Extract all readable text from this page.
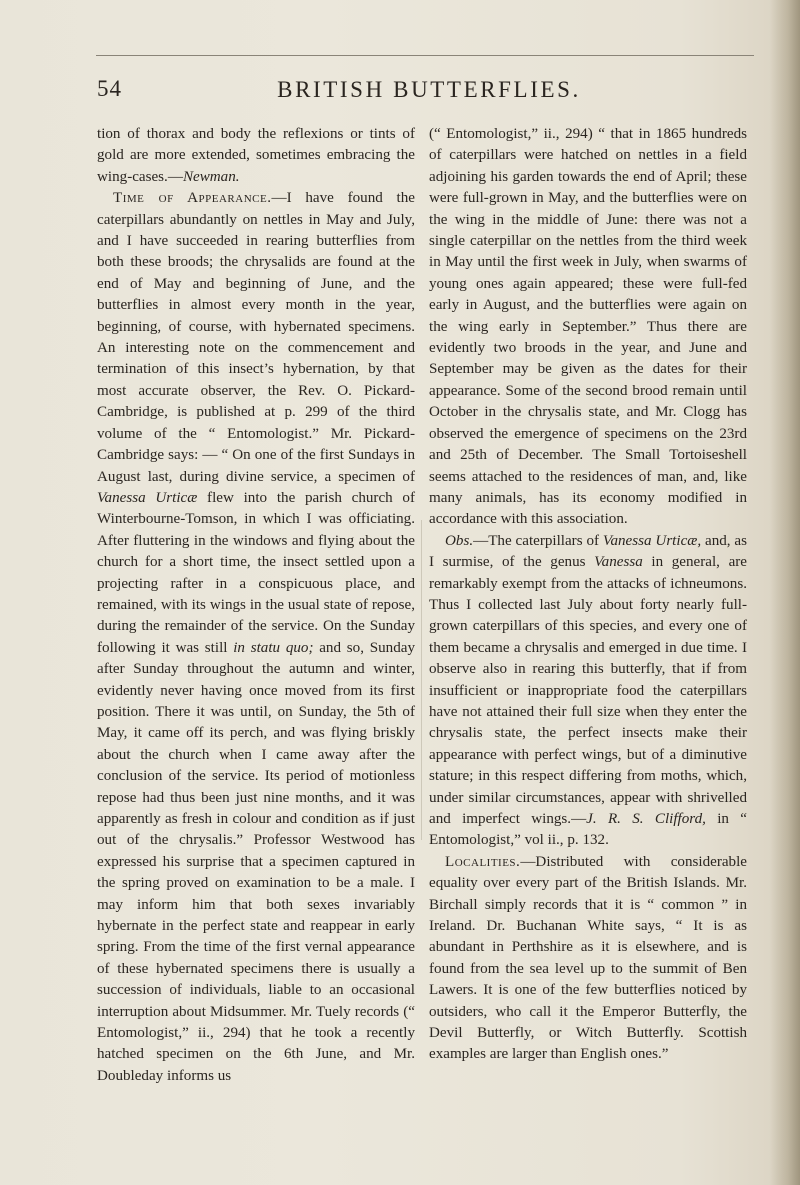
54	BRITISH BUTTERFLIES.

tion of thorax and body the reflexions or tints of gold are more extended, sometimes embracing the wing-cases.—Newman.

Time of Appearance.—I have found the caterpillars abundantly on nettles in May and July, and I have succeeded in rearing butterflies from both these broods; the chrysalids are found at the end of May and beginning of June, and the butterflies in almost every month in the year, beginning, of course, with hybernated specimens. An interesting note on the commencement and termination of this insect’s hybernation, by that most accurate observer, the Rev. O. Pickard-Cambridge, is published at p. 299 of the third volume of the “ Entomologist.” Mr. Pickard-Cambridge says: — “ On one of the first Sundays in August last, during divine service, a specimen of Vanessa Urticæ flew into the parish church of Winterbourne-Tomson, in which I was officiating. After fluttering in the windows and flying about the church for a short time, the insect settled upon a projecting rafter in a conspicuous place, and remained, with its wings in the usual state of repose, during the remainder of the service. On the Sunday following it was still in statu quo; and so, Sunday after Sunday throughout the autumn and winter, evidently never having once moved from its first position. There it was until, on Sunday, the 5th of May, it came off its perch, and was flying briskly about the church when I came away after the conclusion of the service. Its period of motionless repose had thus been just nine months, and it was apparently as fresh in colour and condition as if just out of the chrysalis.” Professor Westwood has expressed his surprise that a specimen captured in the spring proved on examination to be a male. I may inform him that both sexes invariably hybernate in the perfect state and reappear in early spring. From the time of the first vernal appearance of these hybernated specimens there is usually a succession of individuals, liable to an occasional interruption about Midsummer. Mr. Tuely records (“ Entomologist,” ii., 294) that he took a recently hatched specimen on the 6th June, and Mr. Doubleday informs us

(“ Entomologist,” ii., 294) “ that in 1865 hundreds of caterpillars were hatched on nettles in a field adjoining his garden towards the end of April; these were full-grown in May, and the butterflies were on the wing in the middle of June: there was not a single caterpillar on the nettles from the third week in May until the first week in July, when swarms of young ones again appeared; these were full-fed early in August, and the butterflies were again on the wing early in September.” Thus there are evidently two broods in the year, and June and September may be given as the dates for their appearance. Some of the second brood remain until October in the chrysalis state, and Mr. Clogg has observed the emergence of specimens on the 23rd and 25th of December. The Small Tortoiseshell seems attached to the residences of man, and, like many animals, has its economy modified in accordance with this association.

Obs.—The caterpillars of Vanessa Urticæ, and, as I surmise, of the genus Vanessa in general, are remarkably exempt from the attacks of ichneumons. Thus I collected last July about forty nearly full-grown caterpillars of this species, and every one of them became a chrysalis and emerged in due time. I observe also in rearing this butterfly, that if from insufficient or inappropriate food the caterpillars have not attained their full size when they enter the chrysalis state, the perfect insects make their appearance with perfect wings, but of a diminutive stature; in this respect differing from moths, which, under similar circumstances, appear with shrivelled and imperfect wings.—J. R. S. Clifford, in “ Entomologist,” vol ii., p. 132.

Localities.—Distributed with considerable equality over every part of the British Islands. Mr. Birchall simply records that it is “ common ” in Ireland. Dr. Buchanan White says, “ It is as abundant in Perthshire as it is elsewhere, and is found from the sea level up to the summit of Ben Lawers. It is one of the few butterflies noticed by outsiders, who call it the Emperor Butterfly, the Devil Butterfly, or Witch Butterfly. Scottish examples are larger than English ones.”
